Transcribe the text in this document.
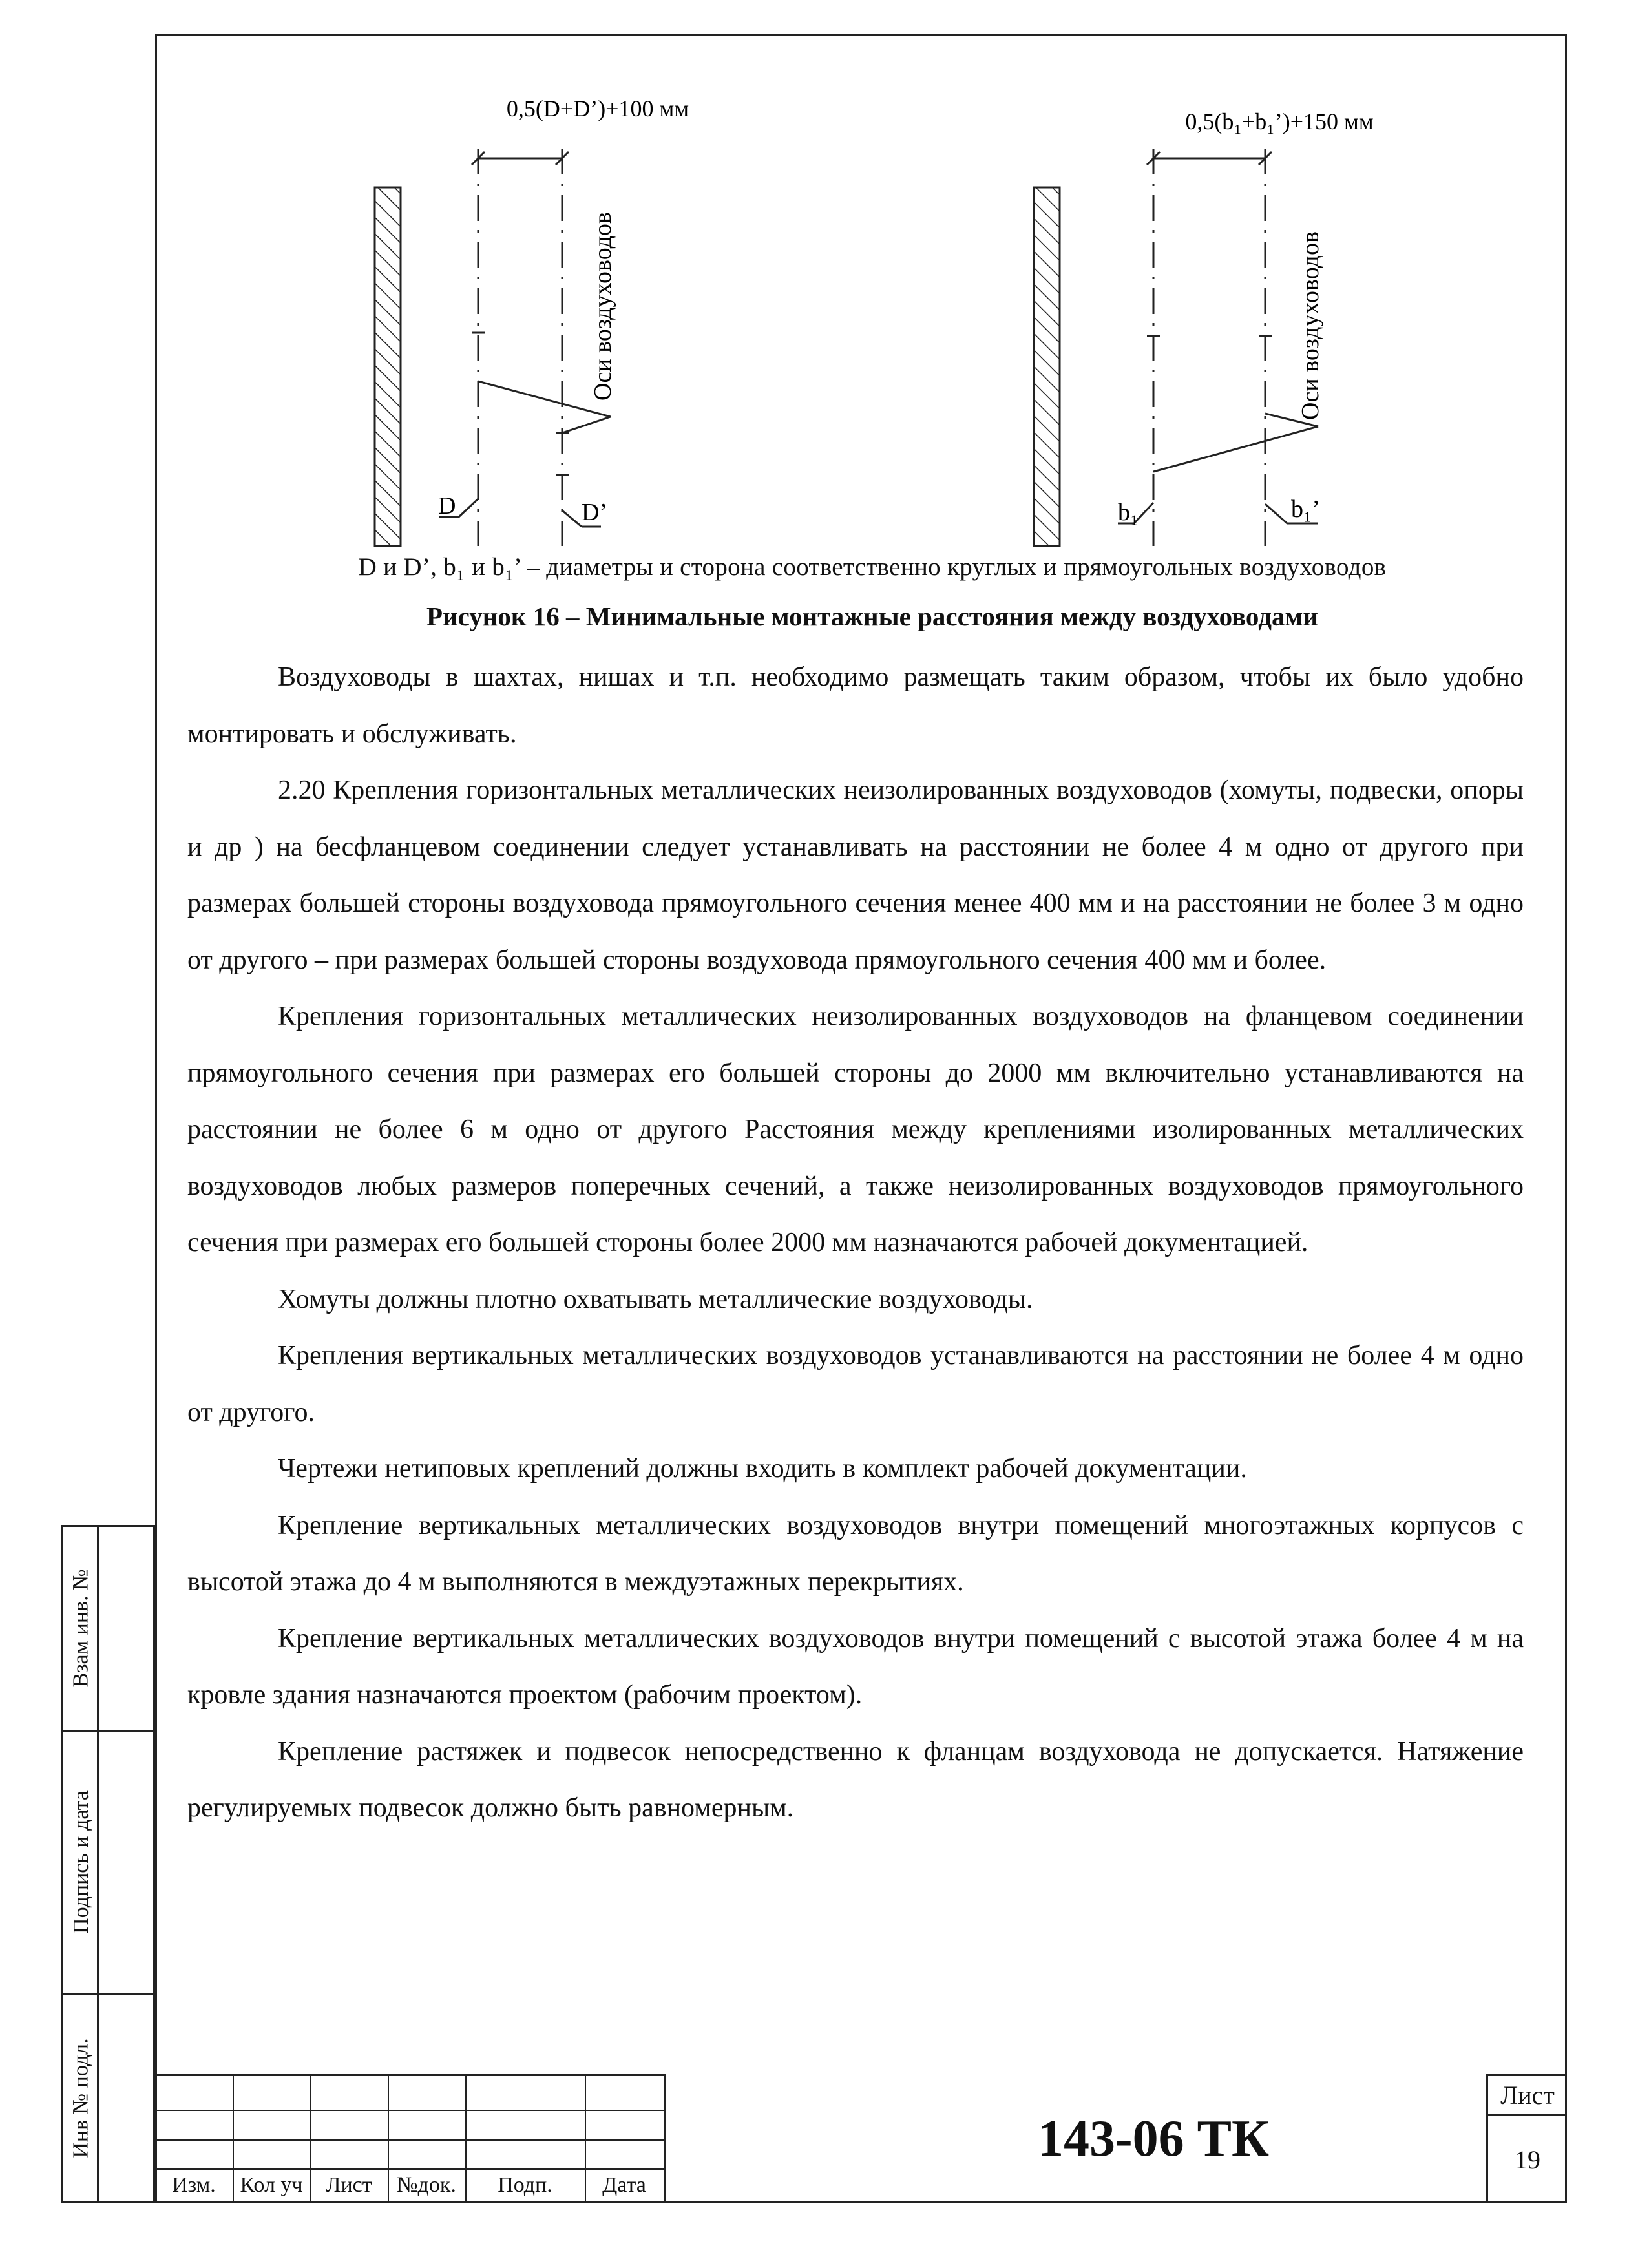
0,5(D+D’)+100 мм
Оси воздуховодов
D	D’
0,5(b₁+b₁’)+150 мм
Оси воздуховодов
b₁	b₁’
D и D’, b₁ и b₁’ – диаметры и сторона соответственно круглых и прямоугольных воздуховодов
Рисунок 16 – Минимальные монтажные расстояния между воздуховодами

Воздуховоды в шахтах, нишах и т.п. необходимо размещать таким образом, чтобы их было удобно монтировать и обслуживать.

2.20 Крепления горизонтальных металлических неизолированных воздуховодов (хомуты, подвески, опоры и др ) на бесфланцевом соединении следует устанавливать на расстоянии не более 4 м одно от другого при размерах большей стороны воздуховода прямоугольного сечения менее 400 мм и на расстоянии не более 3 м одно от другого – при размерах большей стороны воздуховода прямоугольного сечения 400 мм и более.

Крепления горизонтальных металлических неизолированных воздуховодов на фланцевом соединении прямоугольного сечения при размерах его большей стороны до 2000 мм включительно устанавливаются на расстоянии не более 6 м одно от другого Расстояния между креплениями изолированных металлических воздуховодов любых размеров поперечных сечений, а также неизолированных воздуховодов прямоугольного сечения при размерах его большей стороны более 2000 мм назначаются рабочей документацией.

Хомуты должны плотно охватывать металлические воздуховоды.

Крепления вертикальных металлических воздуховодов устанавливаются на расстоянии не более 4 м одно от другого.

Чертежи нетиповых креплений должны входить в комплект рабочей документации.

Крепление вертикальных металлических воздуховодов внутри помещений многоэтажных корпусов с высотой этажа до 4 м выполняются в междуэтажных перекрытиях.

Крепление вертикальных металлических воздуховодов внутри помещений с высотой этажа более 4 м на кровле здания назначаются проектом (рабочим проектом).

Крепление растяжек и подвесок непосредственно к фланцам воздуховода не допускается. Натяжение регулируемых подвесок должно быть равномерным.

Взам инв. №
Подпись и дата
Инв № подл.
Изм.	Кол уч	Лист	№док.	Подп.	Дата
143-06 ТК
Лист
19
